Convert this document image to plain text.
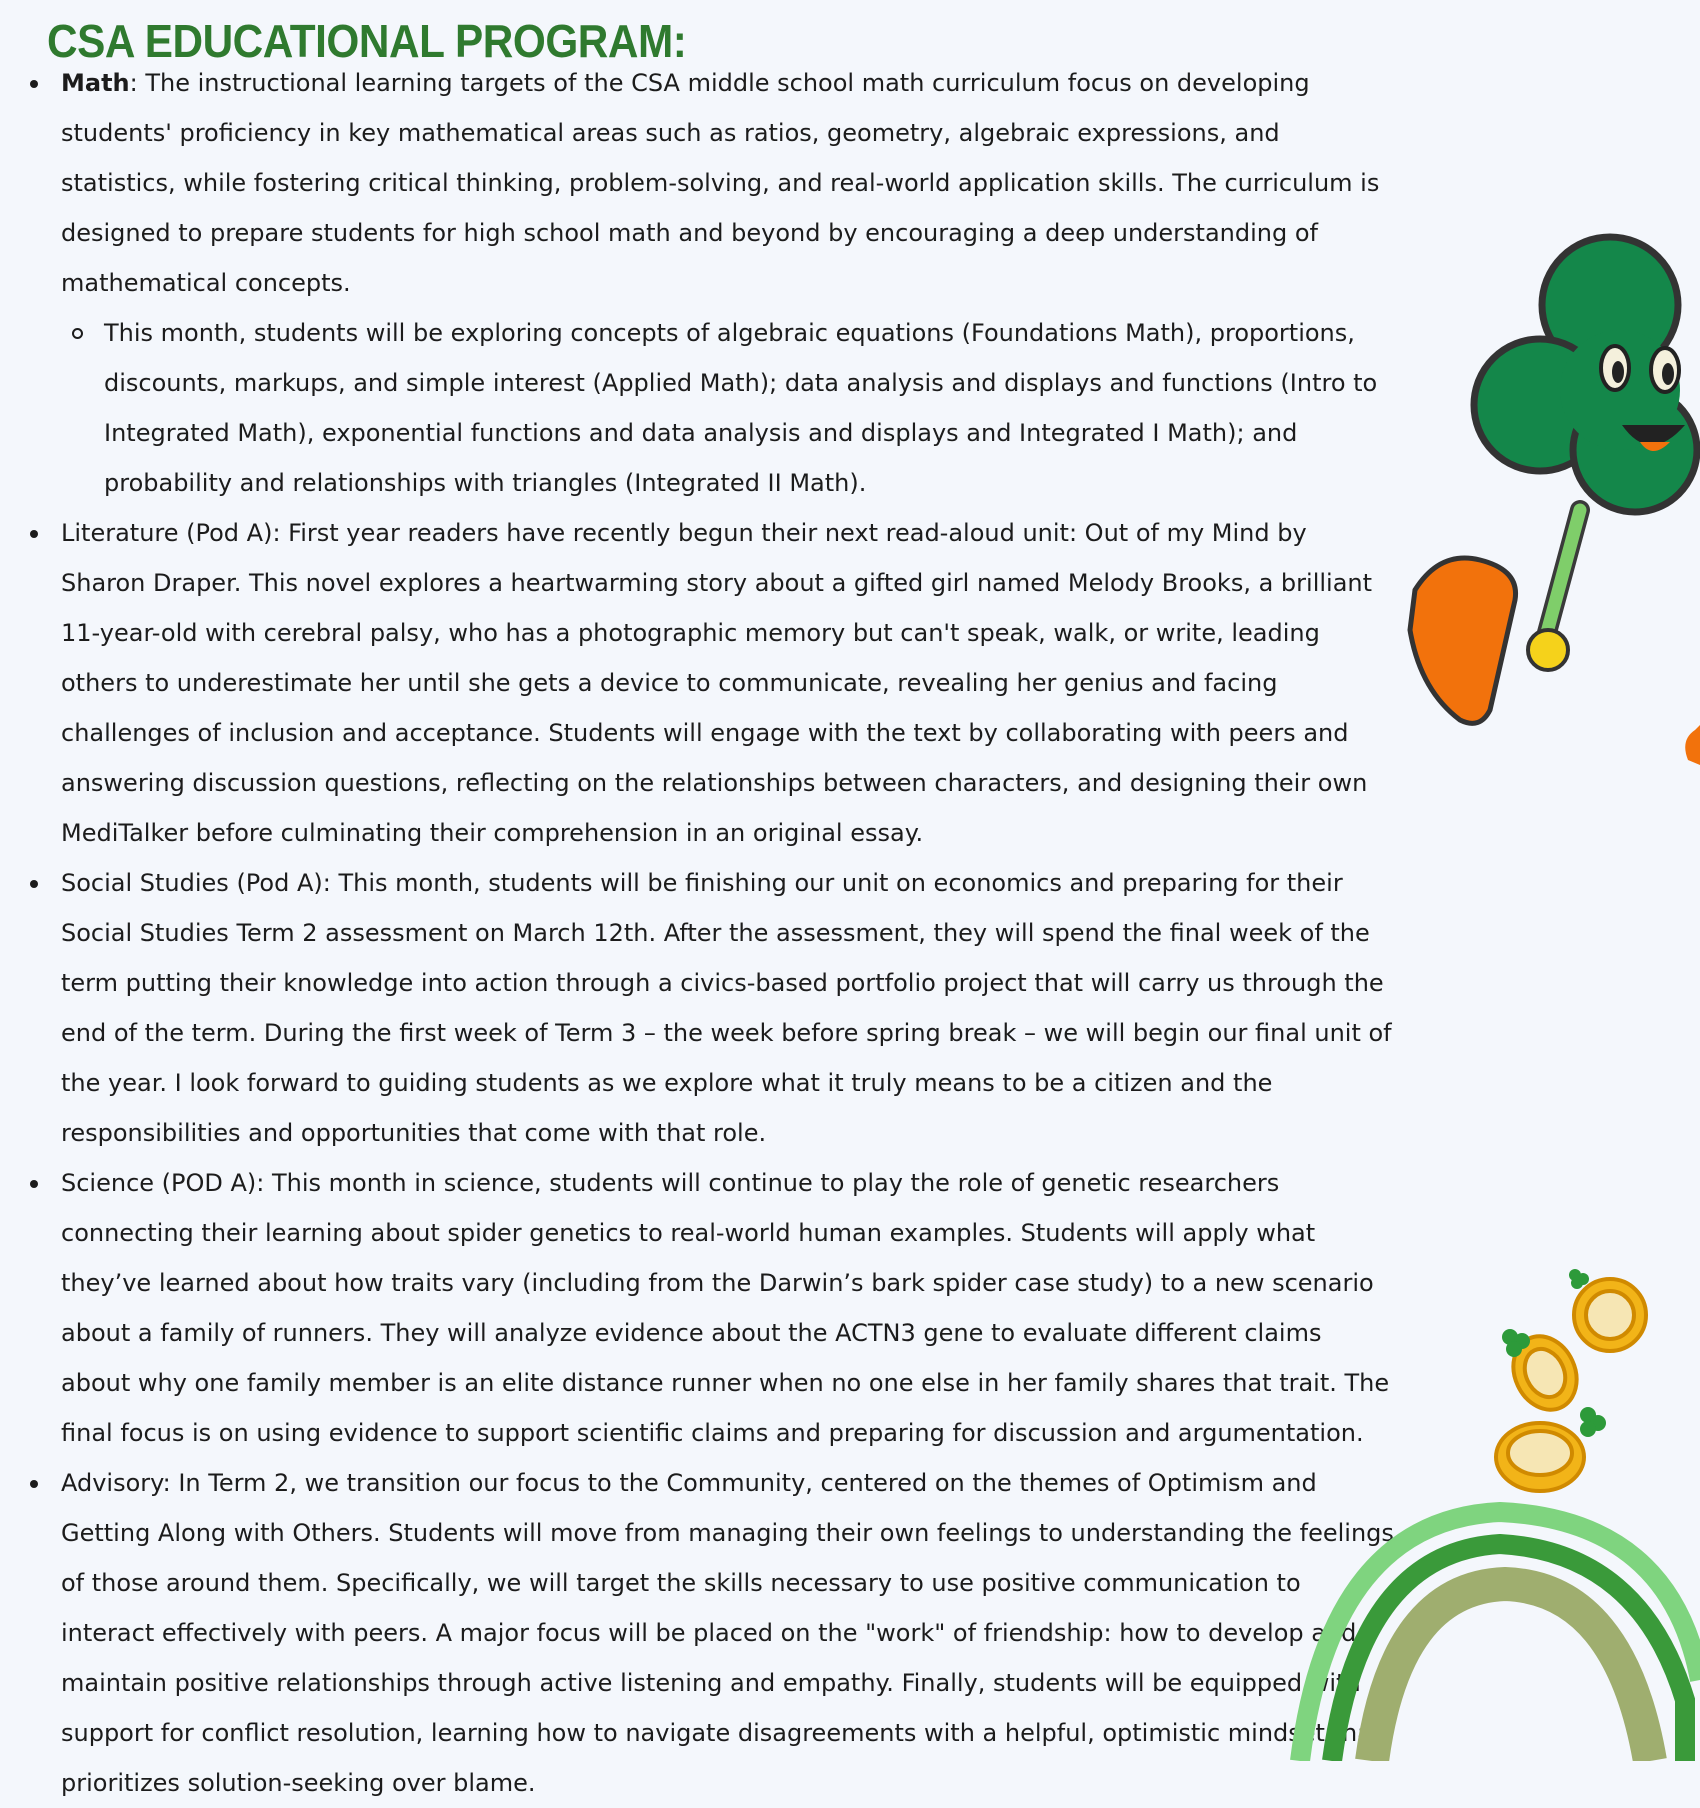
CSA EDUCATIONAL PROGRAM:
Math: The instructional learning targets of the CSA middle school math curriculum focus on developing students' proficiency in key mathematical areas such as ratios, geometry, algebraic expressions, and statistics, while fostering critical thinking, problem-solving, and real-world application skills. The curriculum is designed to prepare students for high school math and beyond by encouraging a deep understanding of mathematical concepts.
This month, students will be exploring concepts of algebraic equations (Foundations Math), proportions, discounts, markups, and simple interest (Applied Math); data analysis and displays and functions (Intro to Integrated Math), exponential functions and data analysis and displays and Integrated I Math); and probability and relationships with triangles (Integrated II Math).
Literature (Pod A): First year readers have recently begun their next read-aloud unit: Out of my Mind by Sharon Draper. This novel explores a heartwarming story about a gifted girl named Melody Brooks, a brilliant 11-year-old with cerebral palsy, who has a photographic memory but can't speak, walk, or write, leading others to underestimate her until she gets a device to communicate, revealing her genius and facing challenges of inclusion and acceptance. Students will engage with the text by collaborating with peers and answering discussion questions, reflecting on the relationships between characters, and designing their own MediTalker before culminating their comprehension in an original essay.
Social Studies (Pod A): This month, students will be finishing our unit on economics and preparing for their Social Studies Term 2 assessment on March 12th. After the assessment, they will spend the final week of the term putting their knowledge into action through a civics-based portfolio project that will carry us through the end of the term. During the first week of Term 3 – the week before spring break – we will begin our final unit of the year. I look forward to guiding students as we explore what it truly means to be a citizen and the responsibilities and opportunities that come with that role.
Science (POD A): This month in science, students will continue to play the role of genetic researchers connecting their learning about spider genetics to real-world human examples. Students will apply what they’ve learned about how traits vary (including from the Darwin’s bark spider case study) to a new scenario about a family of runners. They will analyze evidence about the ACTN3 gene to evaluate different claims about why one family member is an elite distance runner when no one else in her family shares that trait. The final focus is on using evidence to support scientific claims and preparing for discussion and argumentation.
Advisory: In Term 2, we transition our focus to the Community, centered on the themes of Optimism and Getting Along with Others. Students will move from managing their own feelings to understanding the feelings of those around them. Specifically, we will target the skills necessary to use positive communication to interact effectively with peers. A major focus will be placed on the "work" of friendship: how to develop and maintain positive relationships through active listening and empathy. Finally, students will be equipped with support for conflict resolution, learning how to navigate disagreements with a helpful, optimistic mindset that prioritizes solution-seeking over blame.
